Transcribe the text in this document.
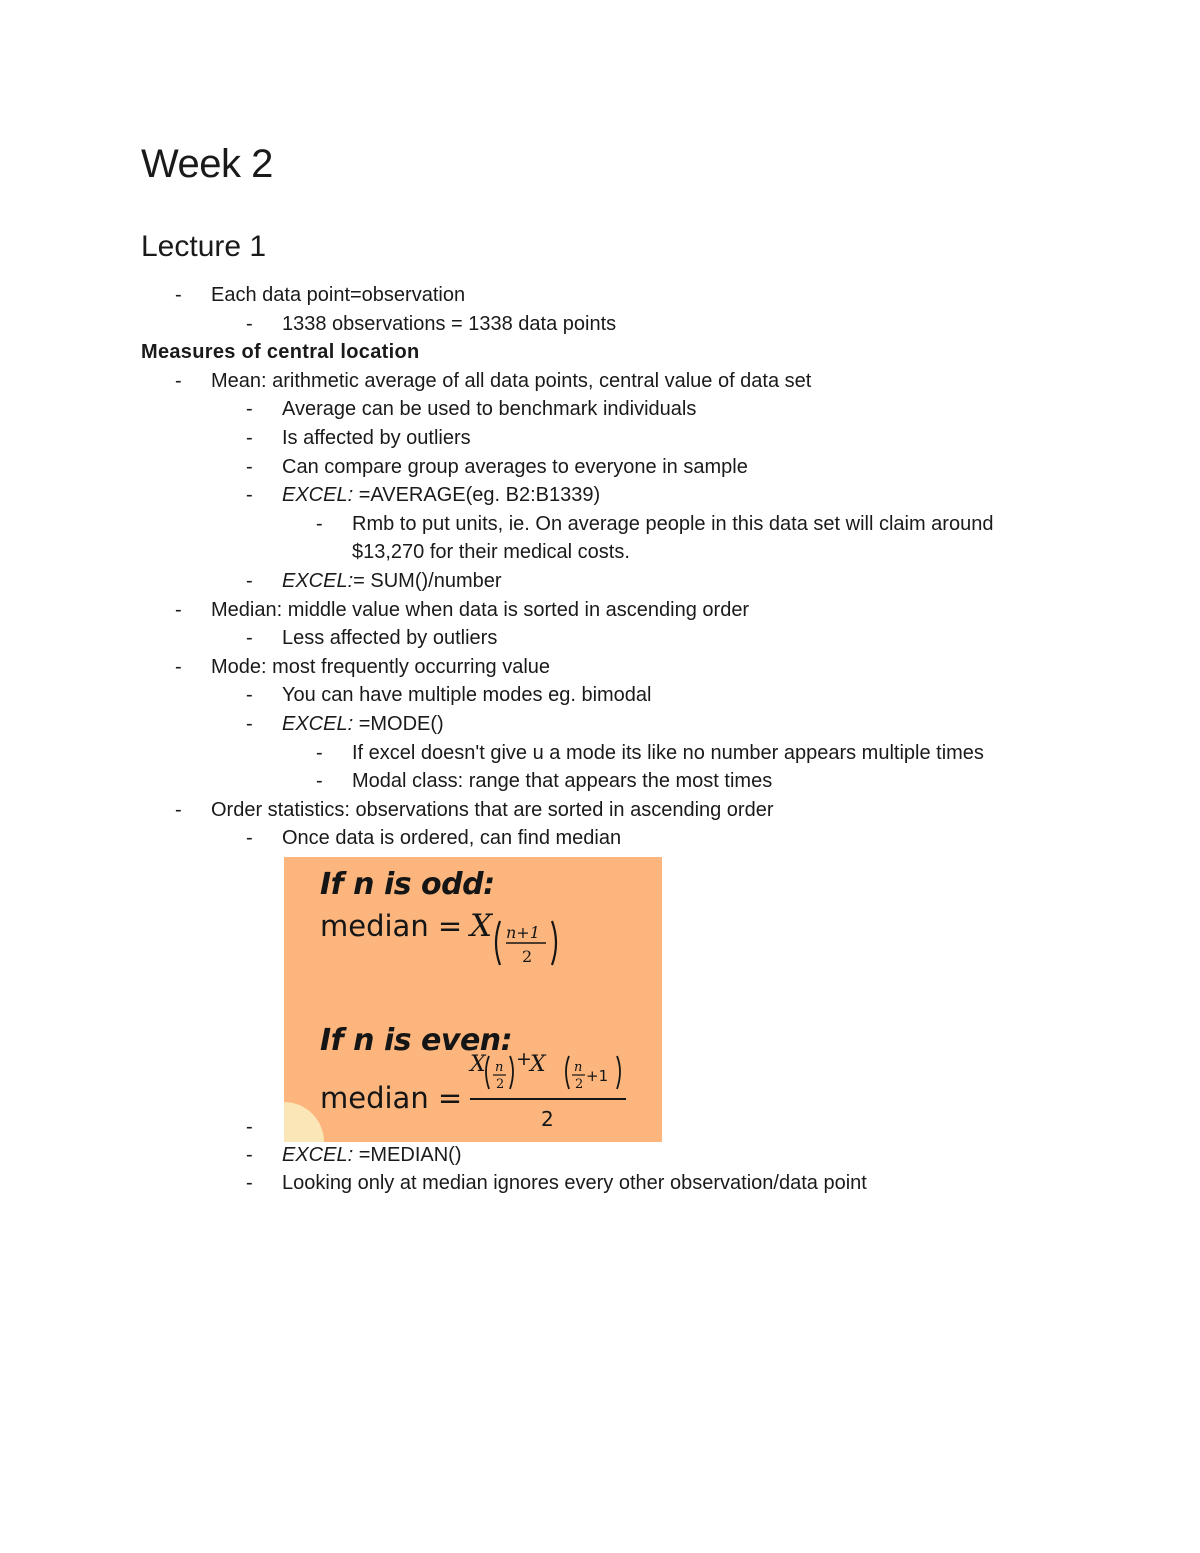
Week 2
Lecture 1
- Each data point=observation
- 1338 observations = 1338 data points
Measures of central location
- Mean: arithmetic average of all data points, central value of data set
- Average can be used to benchmark individuals
- Is affected by outliers
- Can compare group averages to everyone in sample
- EXCEL: =AVERAGE(eg. B2:B1339)
- Rmb to put units, ie. On average people in this data set will claim around
$13,270 for their medical costs.
- EXCEL:= SUM()/number
- Median: middle value when data is sorted in ascending order
- Less affected by outliers
- Mode: most frequently occurring value
- You can have multiple modes eg. bimodal
- EXCEL: =MODE()
- If excel doesn't give u a mode its like no number appears multiple times
- Modal class: range that appears the most times
- Order statistics: observations that are sorted in ascending order
- Once data is ordered, can find median
-
If n is odd:
median =
If n is even:
median =
X n+1
2
X n
2
+
X n
2 +1
2
- EXCEL: =MEDIAN()
- Looking only at median ignores every other observation/data point
